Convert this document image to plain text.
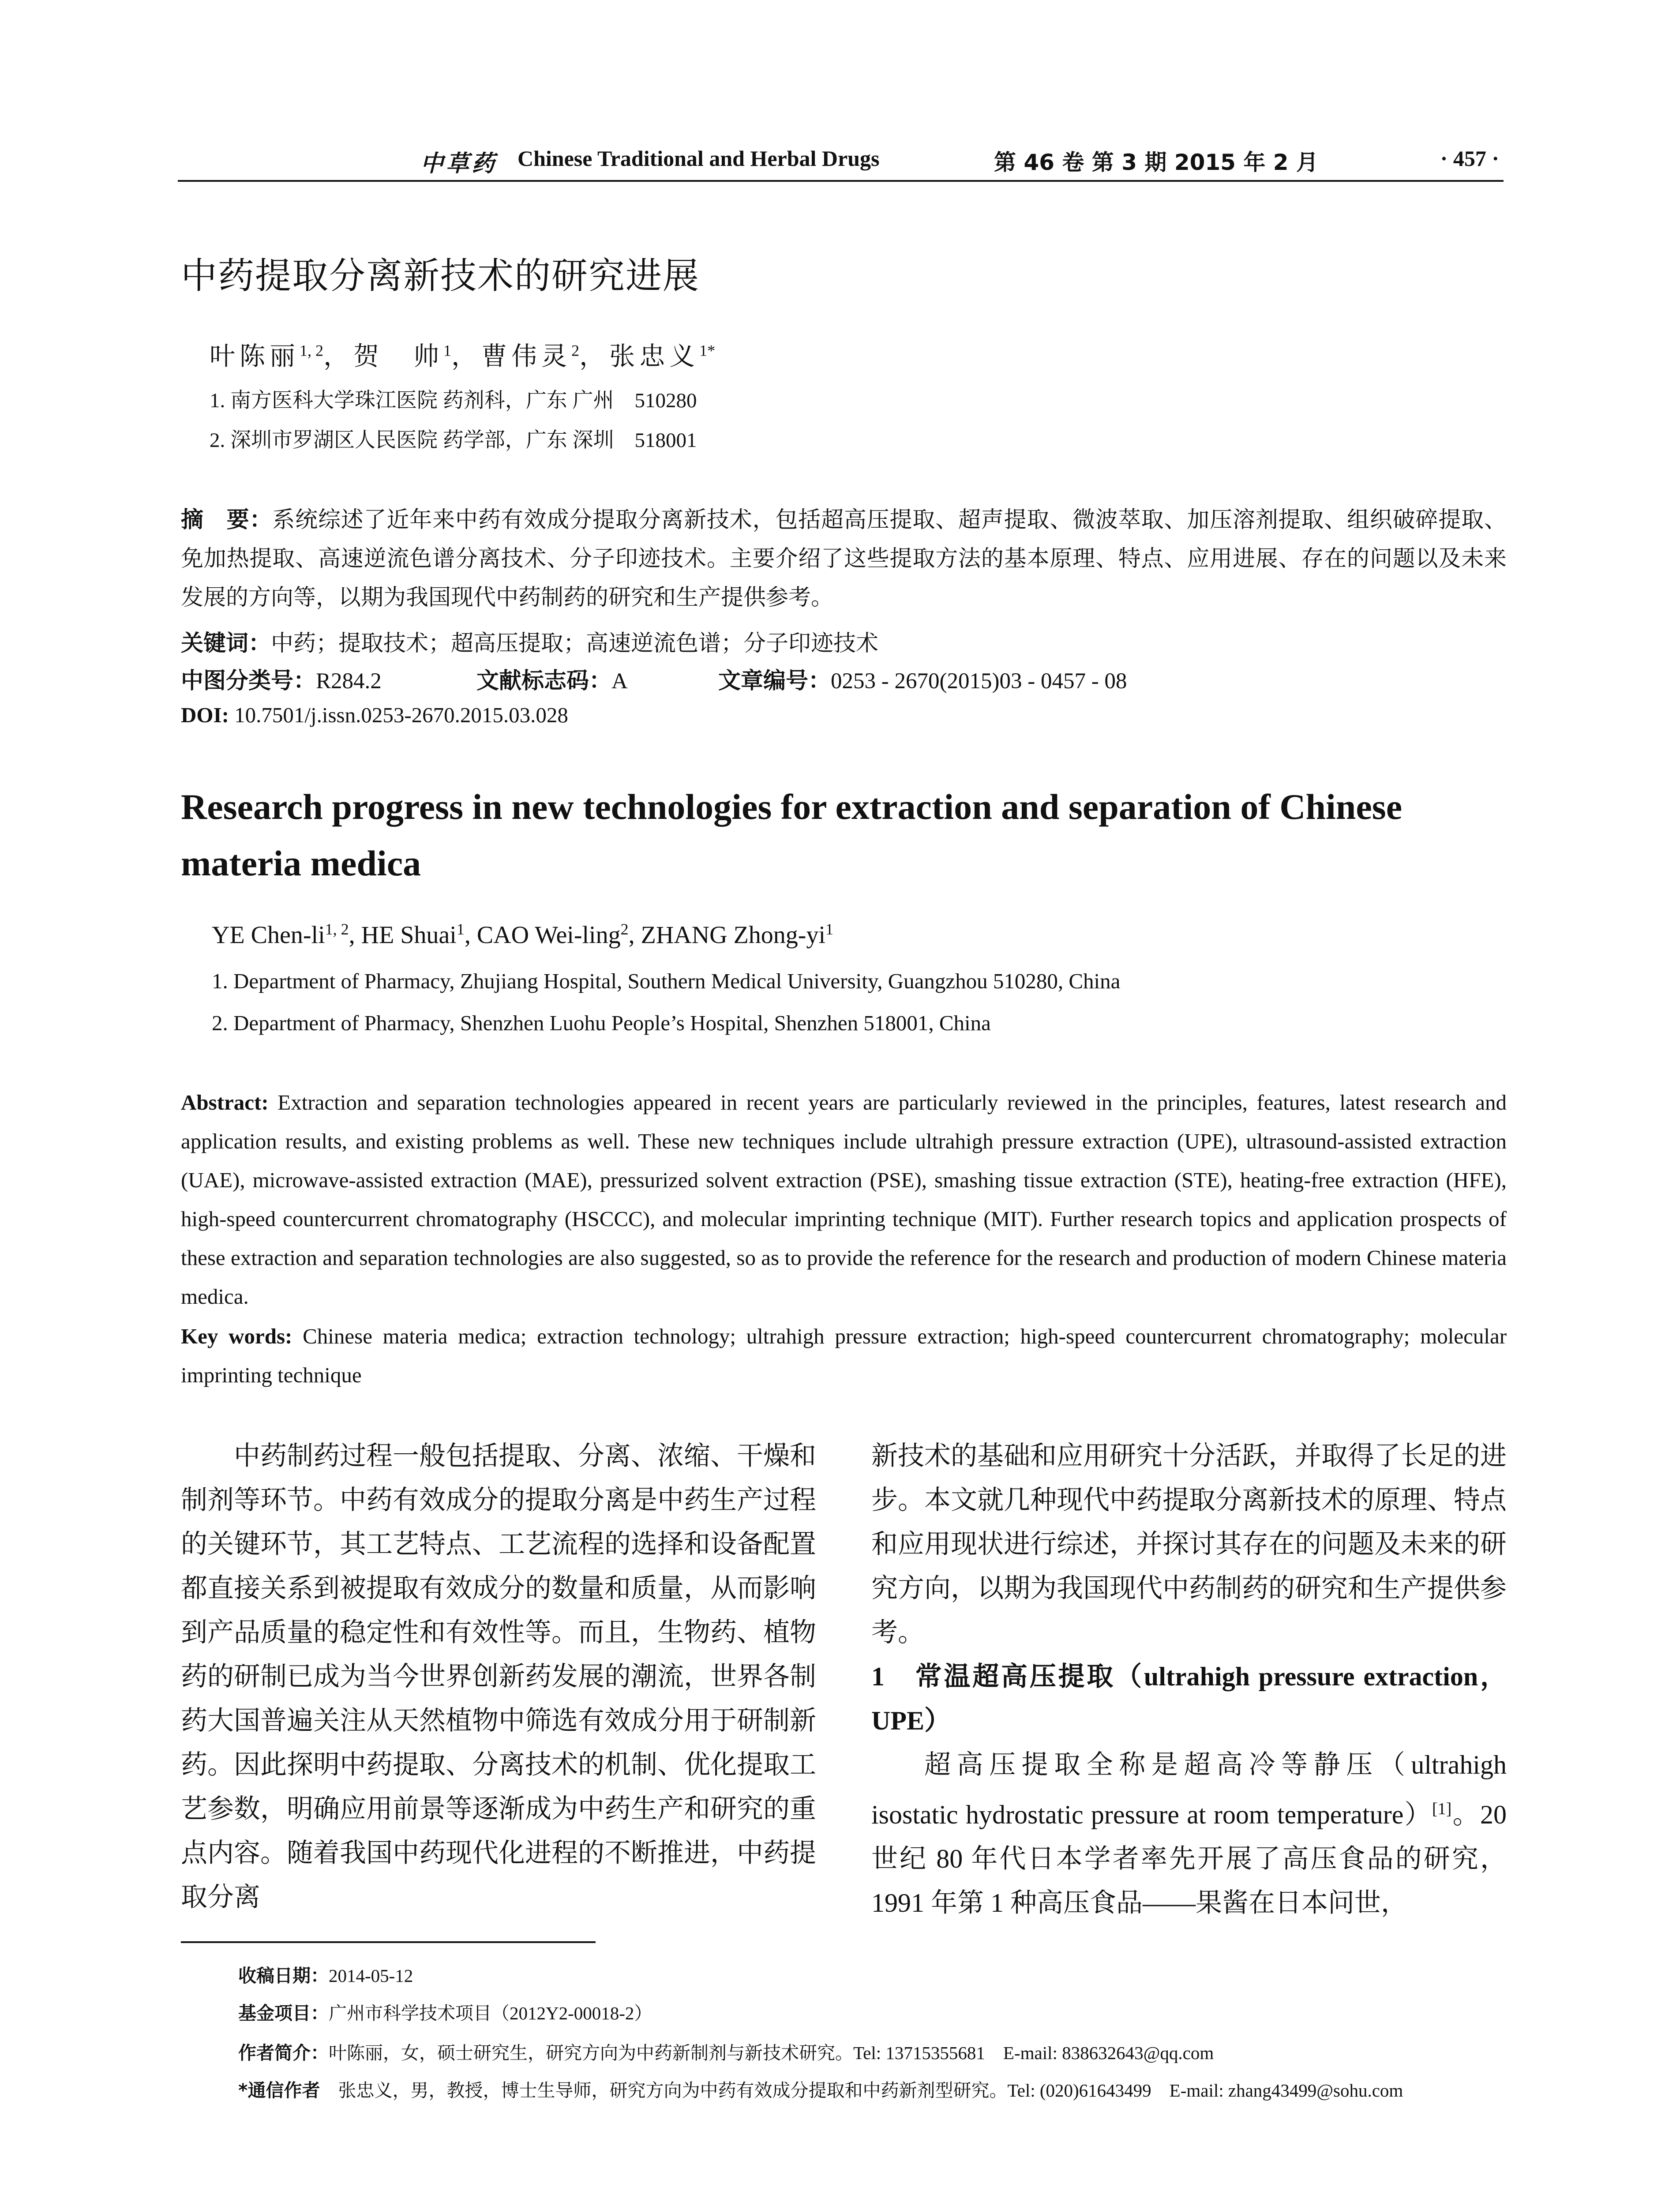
中草药 Chinese Traditional and Herbal Drugs	第 46 卷 第 3 期 2015 年 2 月	· 457 ·
中药提取分离新技术的研究进展
叶陈丽$^{1, 2}$，贺　帅$^1$，曹伟灵$^2$，张忠义$^{1*}$
1. 南方医科大学珠江医院 药剂科，广东 广州　510280
2. 深圳市罗湖区人民医院 药学部，广东 深圳　518001
摘　要：系统综述了近年来中药有效成分提取分离新技术，包括超高压提取、超声提取、微波萃取、加压溶剂提取、组织破碎提取、免加热提取、高速逆流色谱分离技术、分子印迹技术。主要介绍了这些提取方法的基本原理、特点、应用进展、存在的问题以及未来发展的方向等，以期为我国现代中药制药的研究和生产提供参考。
关键词：中药；提取技术；超高压提取；高速逆流色谱；分子印迹技术
中图分类号：R284.2	文献标志码：A	文章编号：0253 - 2670(2015)03 - 0457 - 08
DOI: 10.7501/j.issn.0253-2670.2015.03.028
Research progress in new technologies for extraction and separation of Chinese
materia medica
YE Chen-li$^{1, 2}$, HE Shuai$^1$, CAO Wei-ling$^2$, ZHANG Zhong-$yi^1$
1. Department of Pharmacy, Zhujiang Hospital, Southern Medical University, Guangzhou 510280, China
2. Department of Pharmacy, Shenzhen Luohu People’s Hospital, Shenzhen 518001, China
Abstract: Extraction and separation technologies appeared in recent years are particularly reviewed in the principles, features, latest research and application results, and existing problems as well. These new techniques include ultrahigh pressure extraction (UPE), ultrasound-assisted extraction (UAE), microwave-assisted extraction (MAE), pressurized solvent extraction (PSE), smashing tissue extraction (STE), heating-free extraction (HFE), high-speed countercurrent chromatography (HSCCC), and molecular imprinting technique (MIT). Further research topics and application prospects of these extraction and separation technologies are also suggested, so as to provide the reference for the research and production of modern Chinese materia medica.
Key words: Chinese materia medica; extraction technology; ultrahigh pressure extraction; high-speed countercurrent chromatography; molecular imprinting technique

中药制药过程一般包括提取、分离、浓缩、干燥和制剂等环节。中药有效成分的提取分离是中药生产过程的关键环节，其工艺特点、工艺流程的选择和设备配置都直接关系到被提取有效成分的数量和质量，从而影响到产品质量的稳定性和有效性等。而且，生物药、植物药的研制已成为当今世界创新药发展的潮流，世界各制药大国普遍关注从天然植物中筛选有效成分用于研制新药。因此探明中药提取、分离技术的机制、优化提取工艺参数，明确应用前景等逐渐成为中药生产和研究的重点内容。随着我国中药现代化进程的不断推进，中药提取分离

新技术的基础和应用研究十分活跃，并取得了长足的进步。本文就几种现代中药提取分离新技术的原理、特点和应用现状进行综述，并探讨其存在的问题及未来的研究方向，以期为我国现代中药制药的研究和生产提供参考。

1　常温超高压提取（ultrahigh pressure extraction，UPE）

超高压提取全称是超高冷等静压（ultrahigh isostatic hydrostatic pressure at room temperature）[1]。20 世纪 80 年代日本学者率先开展了高压食品的研究，1991 年第 1 种高压食品——果酱在日本问世，

收稿日期：2014-05-12
基金项目：广州市科学技术项目（2012Y2-00018-2）
作者简介：叶陈丽，女，硕士研究生，研究方向为中药新制剂与新技术研究。Tel: 13715355681　E-mail: 838632643@qq.com
*通信作者　 张忠义，男，教授，博士生导师，研究方向为中药有效成分提取和中药新剂型研究。Tel: (020)61643499　E-mail: zhang43499@sohu.com
